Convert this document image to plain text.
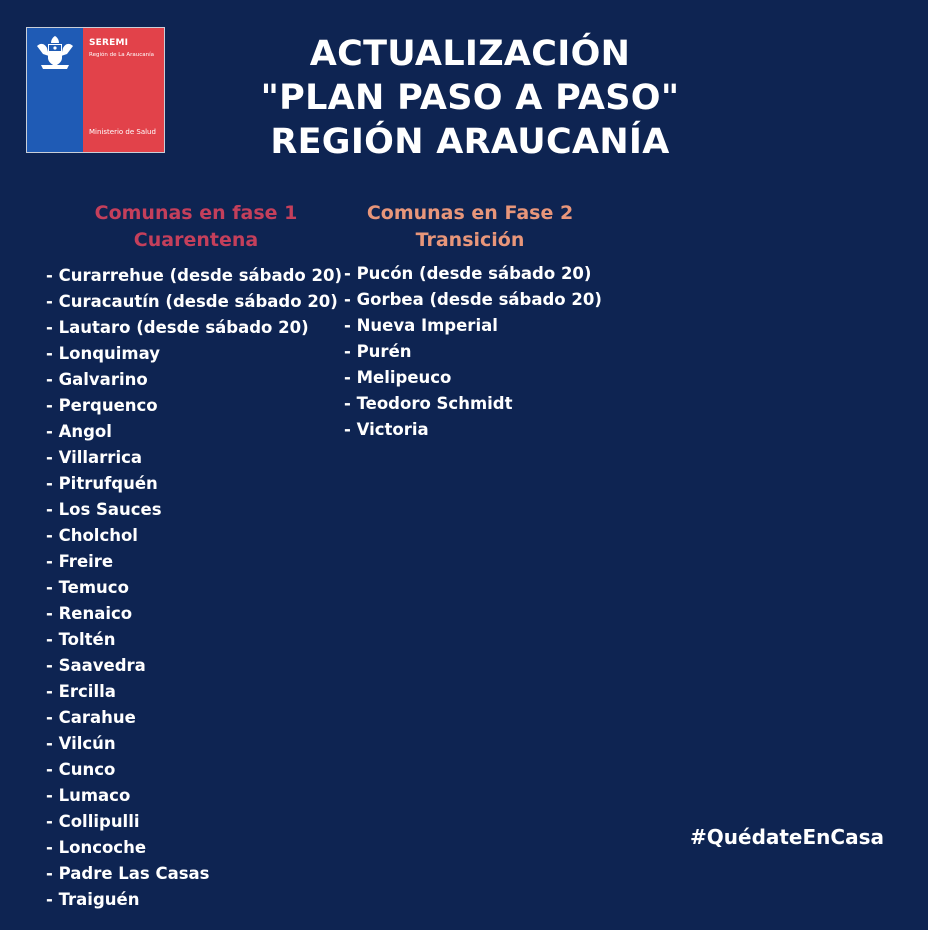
SEREMI
Región de La Araucanía
Ministerio de Salud
ACTUALIZACIÓN
"PLAN PASO A PASO"
REGIÓN ARAUCANÍA
Comunas en fase 1
Cuarentena
Comunas en Fase 2
Transición
- Curarrehue (desde sábado 20)
- Curacautín (desde sábado 20)
- Lautaro (desde sábado 20)
- Lonquimay
- Galvarino
- Perquenco
- Angol
- Villarrica
- Pitrufquén
- Los Sauces
- Cholchol
- Freire
- Temuco
- Renaico
- Toltén
- Saavedra
- Ercilla
- Carahue
- Vilcún
- Cunco
- Lumaco
- Collipulli
- Loncoche
- Padre Las Casas
- Traiguén
- Pucón (desde sábado 20)
- Gorbea (desde sábado 20)
- Nueva Imperial
- Purén
- Melipeuco
- Teodoro Schmidt
- Victoria
#QuédateEnCasa
